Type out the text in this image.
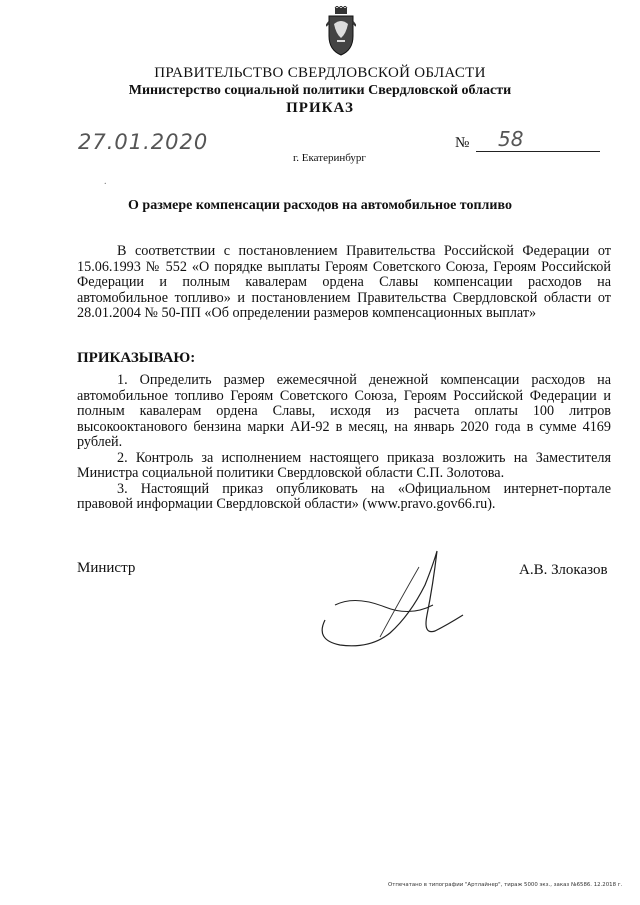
ПРАВИТЕЛЬСТВО СВЕРДЛОВСКОЙ ОБЛАСТИ
Министерство социальной политики Свердловской области
ПРИКАЗ
27.01.2020	№ 58
г. Екатеринбург
.
О размере компенсации расходов на автомобильное топливо

В соответствии с постановлением Правительства Российской Федерации от 15.06.1993 № 552 «О порядке выплаты Героям Советского Союза, Героям Российской Федерации и полным кавалерам ордена Славы компенсации расходов на автомобильное топливо» и постановлением Правительства Свердловской области от 28.01.2004 № 50-ПП «Об определении размеров компенсационных выплат»

ПРИКАЗЫВАЮ:

1. Определить размер ежемесячной денежной компенсации расходов на автомобильное топливо Героям Советского Союза, Героям Российской Федерации и полным кавалерам ордена Славы, исходя из расчета оплаты 100 литров высокооктанового бензина марки АИ-92 в месяц, на январь 2020 года в сумме 4169 рублей.

2. Контроль за исполнением настоящего приказа возложить на Заместителя Министра социальной политики Свердловской области С.П. Золотова.

3. Настоящий приказ опубликовать на «Официальном интернет-портале правовой информации Свердловской области» (www.pravo.gov66.ru).

Министр	А.В. Злоказов
Отпечатано в типографии "Артлайнер", тираж 5000 экз., заказ №6586. 12.2018 г.
